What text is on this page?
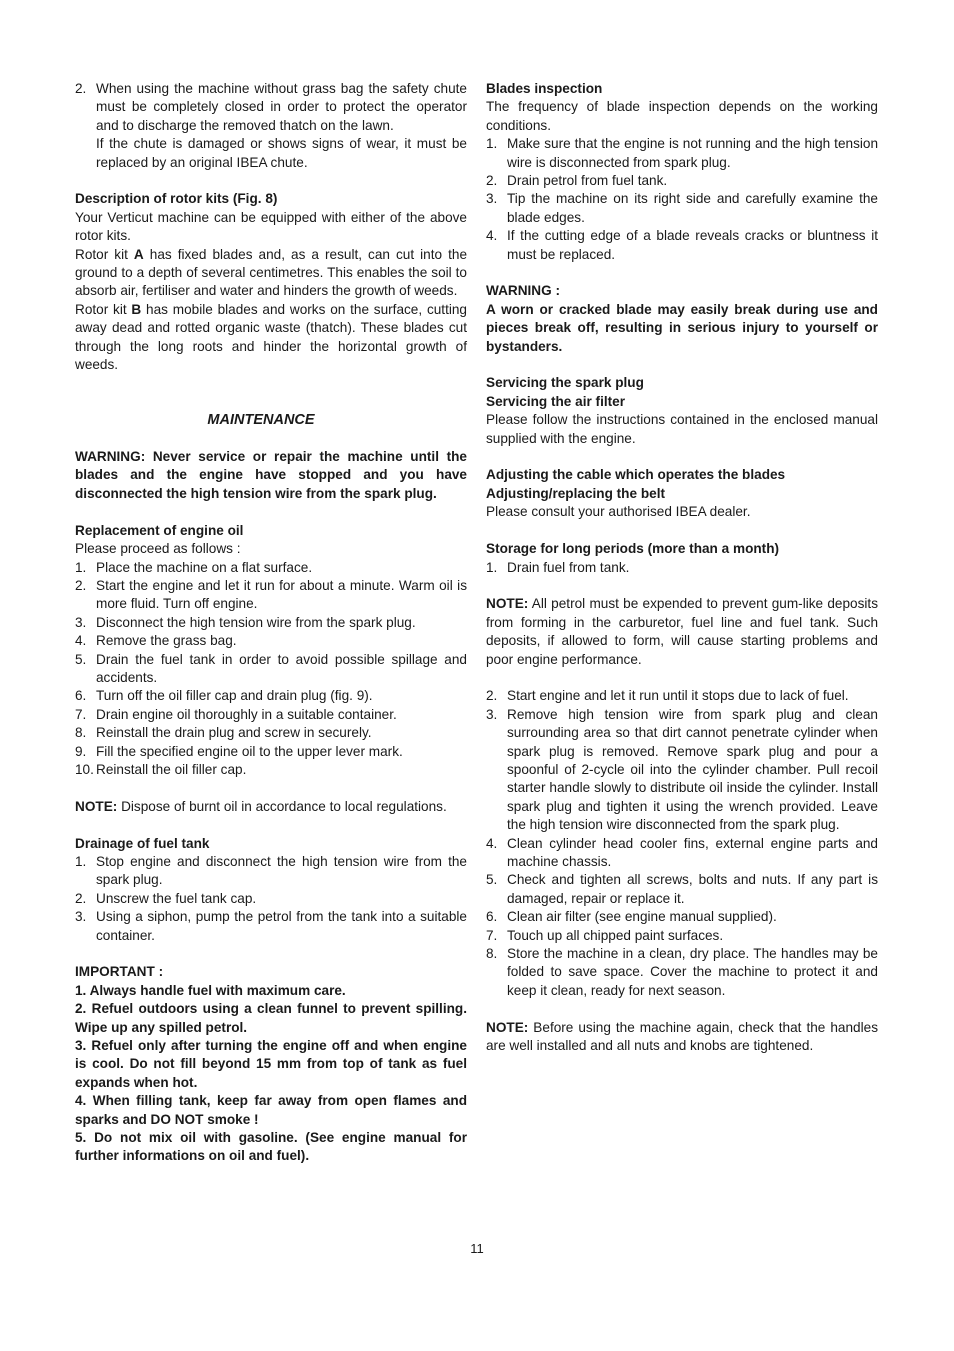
2. When using the machine without grass bag the safety chute must be completely closed in order to protect the operator and to discharge the removed thatch on the lawn.

If the chute is damaged or shows signs of wear, it must be replaced by an original IBEA chute.

Description of rotor kits (Fig. 8)

Your Verticut machine can be equipped with either of the above rotor kits.

Rotor kit A has fixed blades and, as a result, can cut into the ground to a depth of several centimetres. This enables the soil to absorb air, fertiliser and water and hinders the growth of weeds.

Rotor kit B has mobile blades and works on the surface, cutting away dead and rotted organic waste (thatch). These blades cut through the long roots and hinder the horizontal growth of weeds.

MAINTENANCE

WARNING: Never service or repair the machine until the blades and the engine have stopped and you have disconnected the high tension wire from the spark plug.

Replacement of engine oil

Please proceed as follows :

1. Place the machine on a flat surface.
2. Start the engine and let it run for about a minute. Warm oil is more fluid. Turn off engine.
3. Disconnect the high tension wire from the spark plug.
4. Remove the grass bag.
5. Drain the fuel tank in order to avoid possible spillage and accidents.
6. Turn off the oil filler cap and drain plug (fig. 9).
7. Drain engine oil thoroughly in a suitable container.
8. Reinstall the drain plug and screw in securely.
9. Fill the specified engine oil to the upper lever mark.
10. Reinstall the oil filler cap.

NOTE: Dispose of burnt oil in accordance to local regulations.

Drainage of fuel tank

1. Stop engine and disconnect the high tension wire from the spark plug.
2. Unscrew the fuel tank cap.
3. Using a siphon, pump the petrol from the tank into a suitable container.

IMPORTANT :

1. Always handle fuel with maximum care.

2. Refuel outdoors using a clean funnel to prevent spilling. Wipe up any spilled petrol.

3. Refuel only after turning the engine off and when engine is cool. Do not fill beyond 15 mm from top of tank as fuel expands when hot.

4. When filling tank, keep far away from open flames and sparks and DO NOT smoke !

5. Do not mix oil with gasoline. (See engine manual for further informations on oil and fuel).

Blades inspection

The frequency of blade inspection depends on the working conditions.

1. Make sure that the engine is not running and the high tension wire is disconnected from spark plug.
2. Drain petrol from fuel tank.
3. Tip the machine on its right side and carefully examine the blade edges.
4. If the cutting edge of a blade reveals cracks or bluntness it must be replaced.

WARNING :

A worn or cracked blade may easily break during use and pieces break off, resulting in serious injury to yourself or bystanders.

Servicing the spark plug

Servicing the air filter

Please follow the instructions contained in the enclosed manual supplied with the engine.

Adjusting the cable which operates the blades

Adjusting/replacing the belt

Please consult your authorised IBEA dealer.

Storage for long periods (more than a month)

1. Drain fuel from tank.

NOTE: All petrol must be expended to prevent gum-like deposits from forming in the carburetor, fuel line and fuel tank. Such deposits, if allowed to form, will cause starting problems and poor engine performance.

2. Start engine and let it run until it stops due to lack of fuel.
3. Remove high tension wire from spark plug and clean surrounding area so that dirt cannot penetrate cylinder when spark plug is removed. Remove spark plug and pour a spoonful of 2-cycle oil into the cylinder chamber. Pull recoil starter handle slowly to distribute oil inside the cylinder. Install spark plug and tighten it using the wrench provided. Leave the high tension wire disconnected from the spark plug.
4. Clean cylinder head cooler fins, external engine parts and machine chassis.
5. Check and tighten all screws, bolts and nuts. If any part is damaged, repair or replace it.
6. Clean air filter (see engine manual supplied).
7. Touch up all chipped paint surfaces.
8. Store the machine in a clean, dry place. The handles may be folded to save space. Cover the machine to protect it and keep it clean, ready for next season.

NOTE: Before using the machine again, check that the handles are well installed and all nuts and knobs are tightened.

11
